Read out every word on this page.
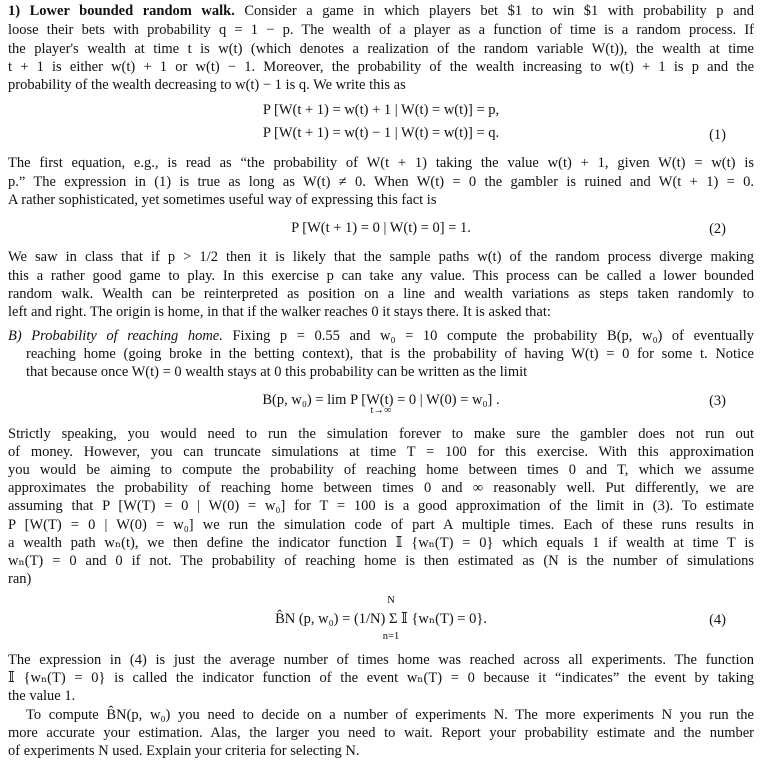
1) Lower bounded random walk. Consider a game in which players bet $1 to win $1 with probability p and
loose their bets with probability q = 1 − p. The wealth of a player as a function of time is a random process. If
the player's wealth at time t is w(t) (which denotes a realization of the random variable W(t)), the wealth at time
t + 1 is either w(t) + 1 or w(t) − 1. Moreover, the probability of the wealth increasing to w(t) + 1 is p and the
probability of the wealth decreasing to w(t) − 1 is q. We write this as
P [W(t + 1) = w(t) + 1 | W(t) = w(t)] = p,
P [W(t + 1) = w(t) − 1 | W(t) = w(t)] = q.	(1)
The first equation, e.g., is read as “the probability of W(t + 1) taking the value w(t) + 1, given W(t) = w(t) is
p.” The expression in (1) is true as long as W(t) ≠ 0. When W(t) = 0 the gambler is ruined and W(t + 1) = 0.
A rather sophisticated, yet sometimes useful way of expressing this fact is
P [W(t + 1) = 0 | W(t) = 0] = 1.	(2)
We saw in class that if p > 1/2 then it is likely that the sample paths w(t) of the random process diverge making
this a rather good game to play. In this exercise p can take any value. This process can be called a lower bounded
random walk. Wealth can be reinterpreted as position on a line and wealth variations as steps taken randomly to
left and right. The origin is home, in that if the walker reaches 0 it stays there. It is asked that:
B) Probability of reaching home. Fixing p = 0.55 and w₀ = 10 compute the probability B(p, w₀) of eventually
reaching home (going broke in the betting context), that is the probability of having W(t) = 0 for some t. Notice
that because once W(t) = 0 wealth stays at 0 this probability can be written as the limit
B(p, w₀) = lim P [W(t) = 0 | W(0) = w₀] .
t→∞
(3)
Strictly speaking, you would need to run the simulation forever to make sure the gambler does not run out
of money. However, you can truncate simulations at time T = 100 for this exercise. With this approximation
you would be aiming to compute the probability of reaching home between times 0 and T, which we assume
approximates the probability of reaching home between times 0 and ∞ reasonably well. Put differently, we are
assuming that P [W(T) = 0 | W(0) = w₀] for T = 100 is a good approximation of the limit in (3). To estimate
P [W(T) = 0 | W(0) = w₀] we run the simulation code of part A multiple times. Each of these runs results in
a wealth path wₙ(t), we then define the indicator function 𝕀 {wₙ(T) = 0} which equals 1 if wealth at time T is
wₙ(T) = 0 and 0 if not. The probability of reaching home is then estimated as (N is the number of simulations
ran)
N
B̂N (p, w₀) = (1/N) Σ 𝕀 {wₙ(T) = 0}.
n=1
(4)
The expression in (4) is just the average number of times home was reached across all experiments. The function
𝕀 {wₙ(T) = 0} is called the indicator function of the event wₙ(T) = 0 because it “indicates” the event by taking
the value 1.
To compute B̂N(p, w₀) you need to decide on a number of experiments N. The more experiments N you run the
more accurate your estimation. Alas, the larger you need to wait. Report your probability estimate and the number
of experiments N used. Explain your criteria for selecting N.
